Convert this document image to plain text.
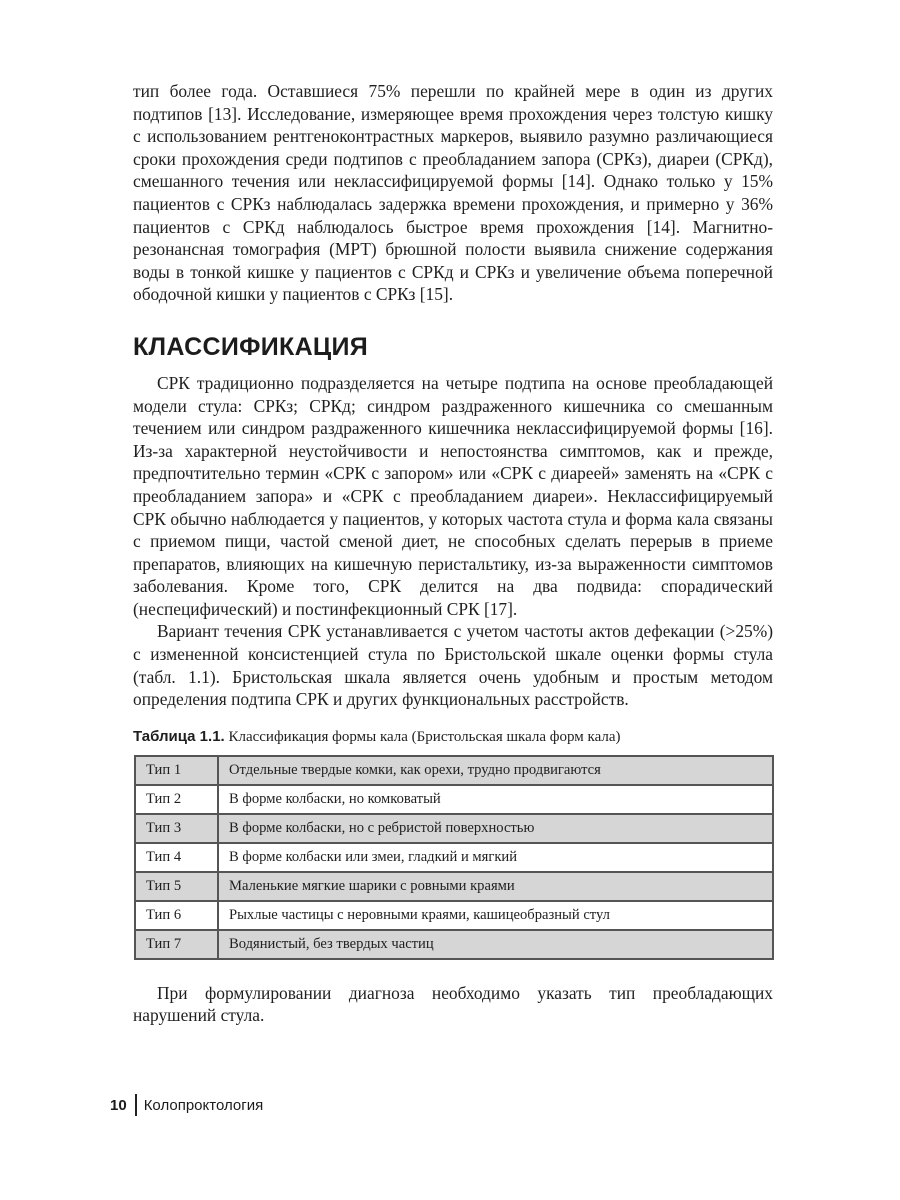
тип более года. Оставшиеся 75% перешли по крайней мере в один из других подтипов [13]. Исследование, измеряющее время прохождения через толстую кишку с использованием рентгеноконтрастных маркеров, выявило разумно различающиеся сроки прохождения среди подтипов с преобладанием запора (СРКз), диареи (СРКд), смешанного течения или неклассифицируемой формы [14]. Однако только у 15% пациентов с СРКз наблюдалась задержка времени прохождения, и примерно у 36% пациентов с СРКд наблюдалось быстрое время прохождения [14]. Магнитно-резонансная томография (МРТ) брюшной полости выявила снижение содержания воды в тонкой кишке у пациентов с СРКд и СРКз и увеличение объема поперечной ободочной кишки у пациентов с СРКз [15].

КЛАССИФИКАЦИЯ

СРК традиционно подразделяется на четыре подтипа на основе преобладающей модели стула: СРКз; СРКд; синдром раздраженного кишечника со смешанным течением или синдром раздраженного кишечника неклассифицируемой формы [16]. Из-за характерной неустойчивости и непостоянства симптомов, как и прежде, предпочтительно термин «СРК с запором» или «СРК с диареей» заменять на «СРК с преобладанием запора» и «СРК с преобладанием диареи». Неклассифицируемый СРК обычно наблюдается у пациентов, у которых частота стула и форма кала связаны с приемом пищи, частой сменой диет, не способных сделать перерыв в приеме препаратов, влияющих на кишечную перистальтику, из-за выраженности симптомов заболевания. Кроме того, СРК делится на два подвида: спорадический (неспецифический) и постинфекционный СРК [17].

Вариант течения СРК устанавливается с учетом частоты актов дефекации (>25%) с измененной консистенцией стула по Бристольской шкале оценки формы стула (табл. 1.1). Бристольская шкала является очень удобным и простым методом определения подтипа СРК и других функциональных расстройств.

Таблица 1.1. Классификация формы кала (Бристольская шкала форм кала)
Тип 1	Отдельные твердые комки, как орехи, трудно продвигаются
Тип 2	В форме колбаски, но комковатый
Тип 3	В форме колбаски, но с ребристой поверхностью
Тип 4	В форме колбаски или змеи, гладкий и мягкий
Тип 5	Маленькие мягкие шарики с ровными краями
Тип 6	Рыхлые частицы с неровными краями, кашицеобразный стул
Тип 7	Водянистый, без твердых частиц

При формулировании диагноза необходимо указать тип преобладающих нарушений стула.

10 Колопроктология
